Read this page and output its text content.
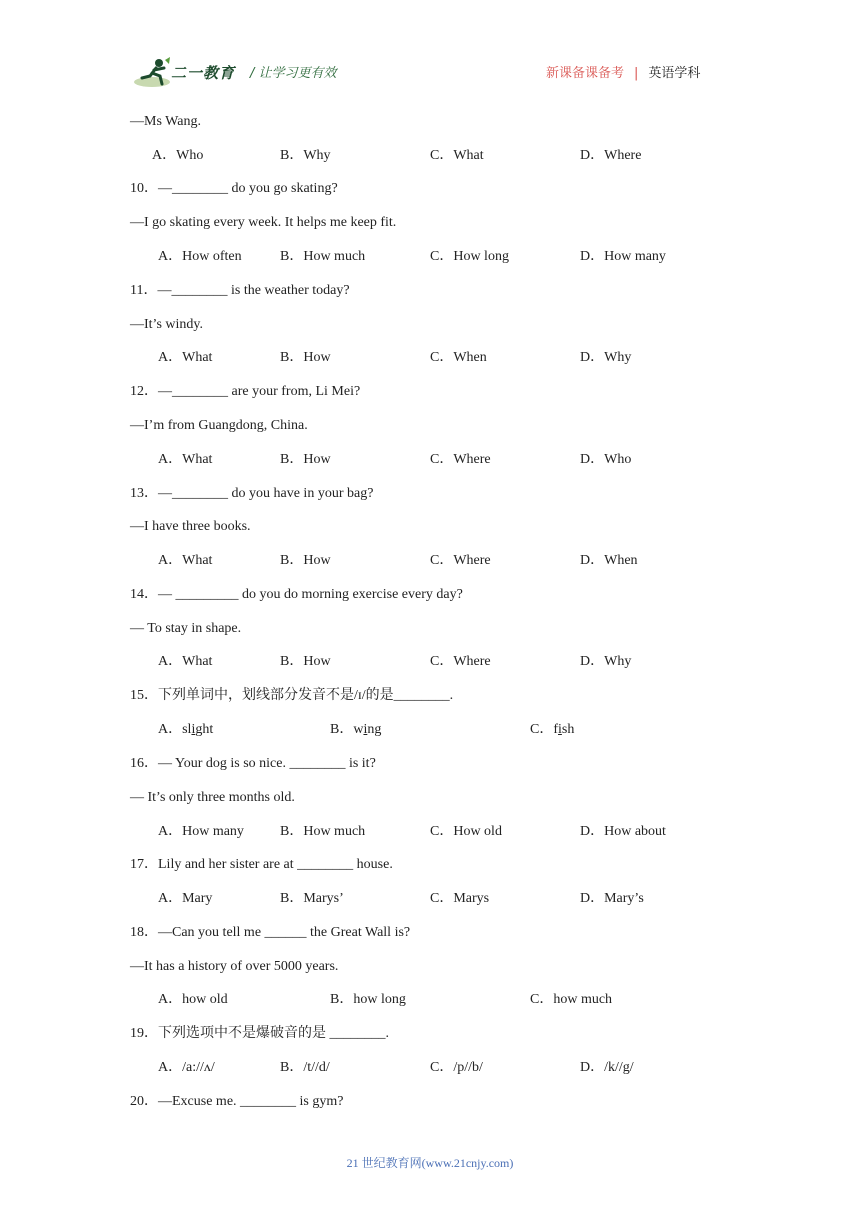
二一教育 / 让学习更有效	新课备课备考 | 英语学科
—Ms Wang.
A．Who	B．Why	C．What	D．Where
10．—________ do you go skating?
—I go skating every week. It helps me keep fit.
A．How often	B．How much	C．How long	D．How many
11．—________ is the weather today?
—It’s windy.
A．What	B．How	C．When	D．Why
12．—________ are your from, Li Mei?
—I’m from Guangdong, China.
A．What	B．How	C．Where	D．Who
13．—________ do you have in your bag?
—I have three books.
A．What	B．How	C．Where	D．When
14．— _________ do you do morning exercise every day?
— To stay in shape.
A．What	B．How	C．Where	D．Why
15．下列单词中，划线部分发音不是/ɪ/的是________.
A．slight	B．wing	C．fish
16．— Your dog is so nice. ________ is it?
— It’s only three months old.
A．How many	B．How much	C．How old	D．How about
17．Lily and her sister are at ________ house.
A．Mary	B．Marys’	C．Marys	D．Mary’s
18．—Can you tell me ______ the Great Wall is?
—It has a history of over 5000 years.
A．how old	B．how long	C．how much
19．下列选项中不是爆破音的是 ________.
A．/a://ʌ/	B．/t//d/	C．/p//b/	D．/k//g/
20．—Excuse me. ________ is gym?
21 世纪教育网(www.21cnjy.com)
